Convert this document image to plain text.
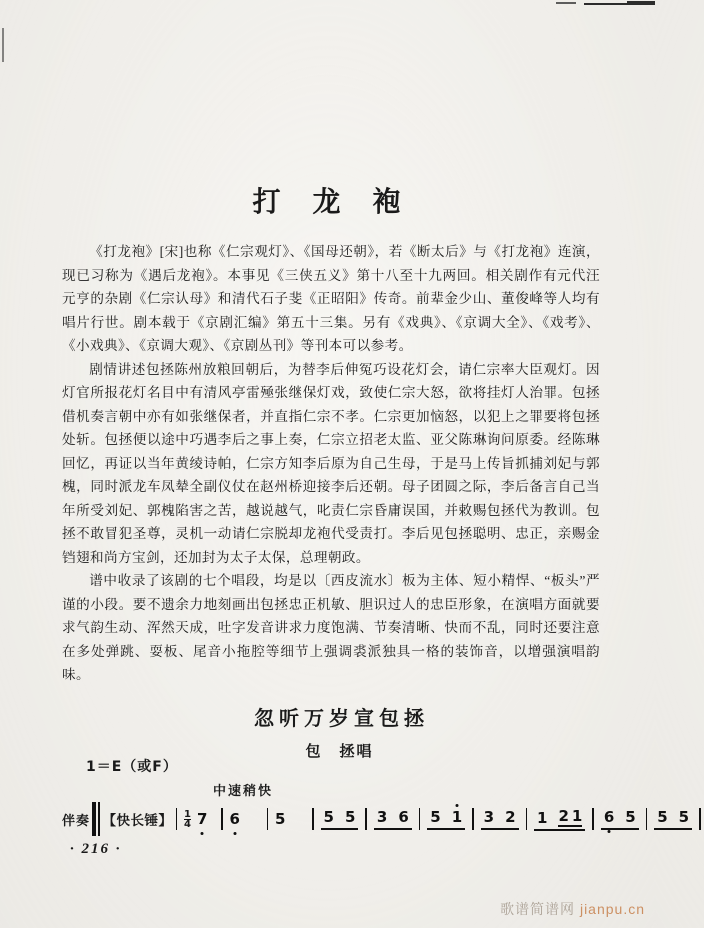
打　龙　袍

《打龙袍》[宋]也称《仁宗观灯》、《国母还朝》，若《断太后》与《打龙袍》连演，现已习称为《遇后龙袍》。本事见《三侠五义》第十八至十九两回。相关剧作有元代汪元亨的杂剧《仁宗认母》和清代石子斐《正昭阳》传奇。前辈金少山、董俊峰等人均有唱片行世。剧本载于《京剧汇编》第五十三集。另有《戏典》、《京调大全》、《戏考》、《小戏典》、《京调大观》、《京剧丛刊》等刊本可以参考。

剧情讲述包拯陈州放粮回朝后，为替李后伸冤巧设花灯会，请仁宗率大臣观灯。因灯官所报花灯名目中有清风亭雷殛张继保灯戏，致使仁宗大怒，欲将挂灯人治罪。包拯借机奏言朝中亦有如张继保者，并直指仁宗不孝。仁宗更加恼怒，以犯上之罪要将包拯处斩。包拯便以途中巧遇李后之事上奏，仁宗立招老太监、亚父陈琳询问原委。经陈琳回忆，再证以当年黄绫诗帕，仁宗方知李后原为自己生母，于是马上传旨抓捕刘妃与郭槐，同时派龙车凤辇全副仪仗在赵州桥迎接李后还朝。母子团圆之际，李后备言自己当年所受刘妃、郭槐陷害之苦，越说越气，叱责仁宗昏庸误国，并敕赐包拯代为教训。包拯不敢冒犯圣尊，灵机一动请仁宗脱却龙袍代受责打。李后见包拯聪明、忠正，亲赐金铛翅和尚方宝剑，还加封为太子太保，总理朝政。

谱中收录了该剧的七个唱段，均是以〔西皮流水〕板为主体、短小精悍、“板头”严谨的小段。要不遗余力地刻画出包拯忠正机敏、胆识过人的忠臣形象，在演唱方面就要求气韵生动、浑然天成，吐字发音讲求力度饱满、节奏清晰、快而不乱，同时还要注意在多处弹跳、耍板、尾音小拖腔等细节上强调裘派独具一格的装饰音，以增强演唱韵味。

忽听万岁宣包拯
包　拯唱
1＝E（或F）
中速稍快
伴奏 【快长锤】 $\frac{1}{4} 7$ 6 5	5 5 3 6 5 1 3 2 1 2 1 6 5 5 5
· 216 ·
歌谱简谱网 jianpu.cn
